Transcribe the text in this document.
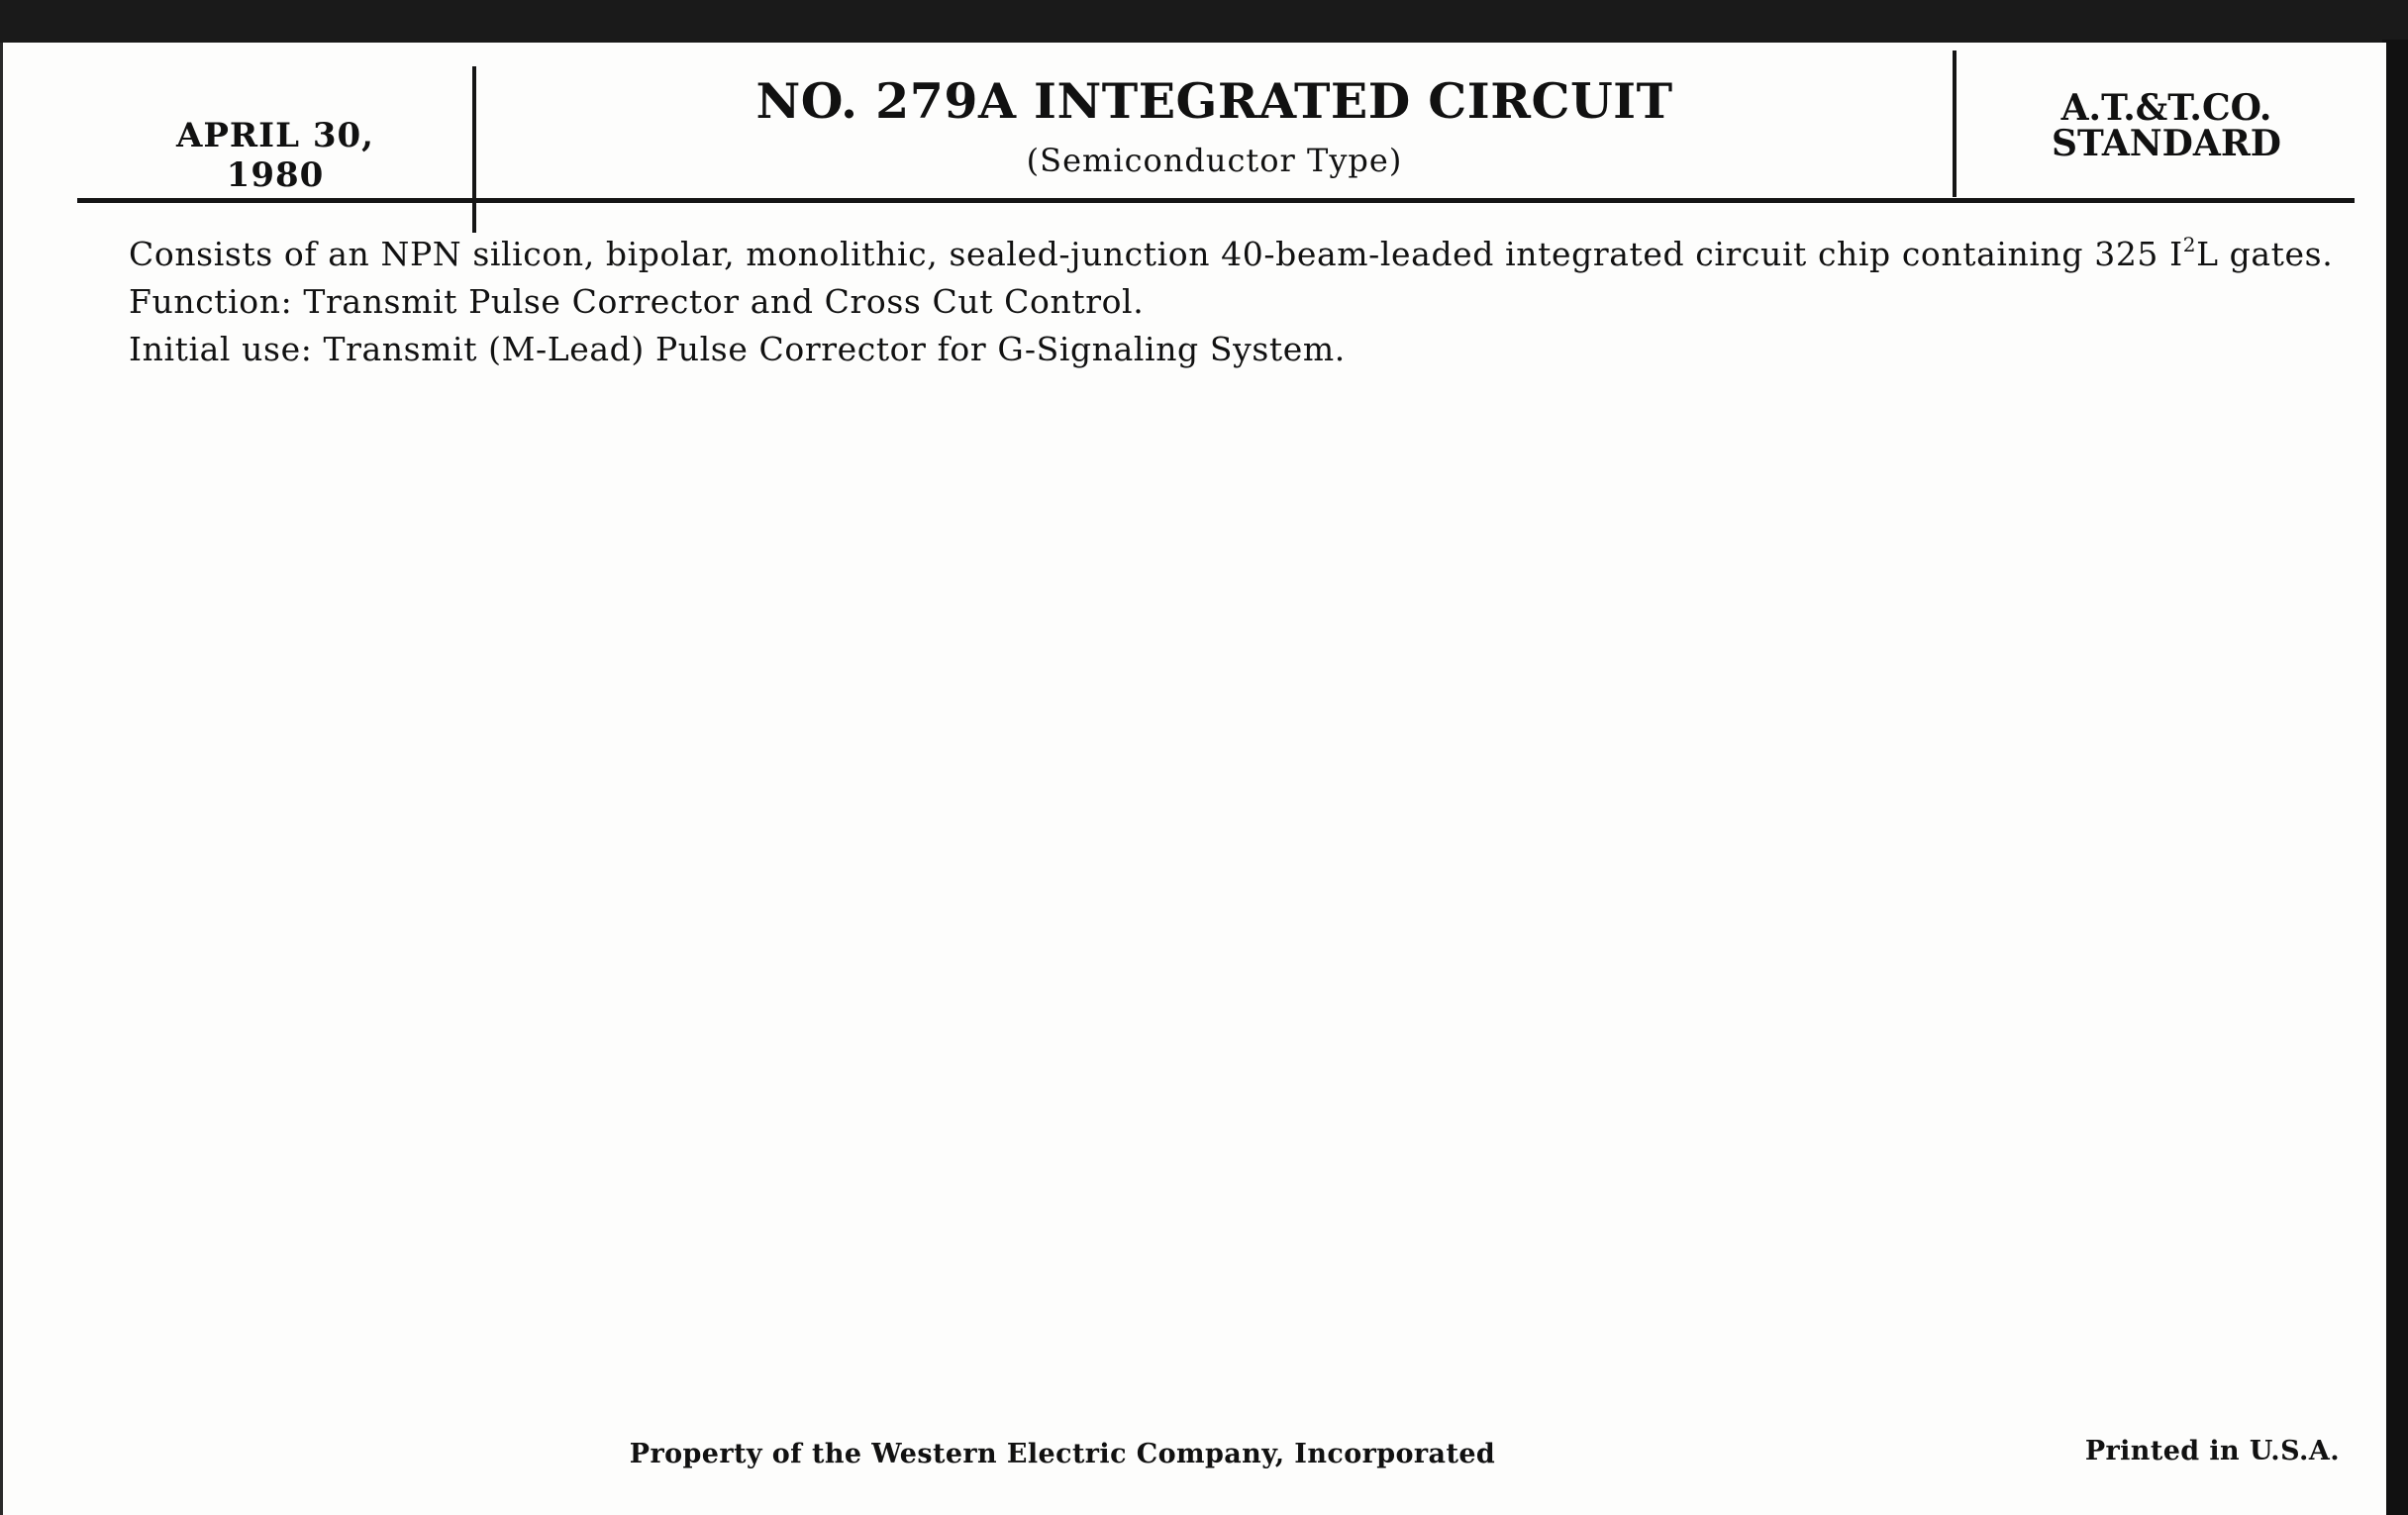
APRIL 30, 1980
NO. 279A INTEGRATED CIRCUIT
(Semiconductor Type)
A.T.&T.CO.
STANDARD
Consists of an NPN silicon, bipolar, monolithic, sealed-junction 40-beam-leaded integrated circuit chip containing 325 $I^2L$ gates.
Function: Transmit Pulse Corrector and Cross Cut Control.
Initial use: Transmit (M-Lead) Pulse Corrector for G-Signaling System.
Property of the Western Electric Company, Incorporated	Printed in U.S.A.
